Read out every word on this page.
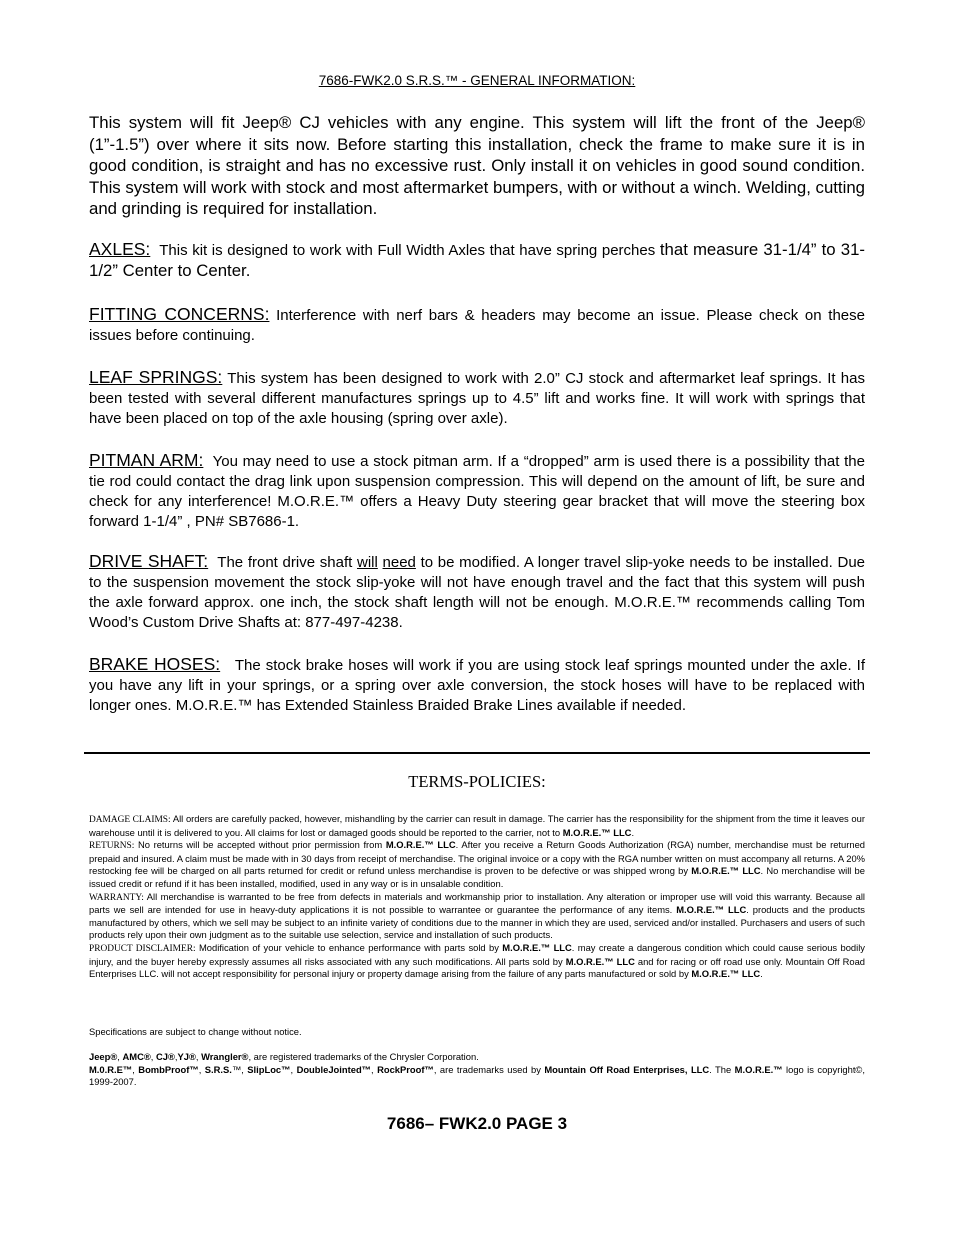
7686-FWK2.0 S.R.S.™ - GENERAL INFORMATION:

This system will fit Jeep® CJ vehicles with any engine. This system will lift the front of the Jeep® (1”-1.5”) over where it sits now. Before starting this installation, check the frame to make sure it is in good condition, is straight and has no excessive rust. Only install it on vehicles in good sound condition. This system will work with stock and most aftermarket bumpers, with or without a winch. Welding, cutting and grinding is required for installation.

AXLES: This kit is designed to work with Full Width Axles that have spring perches that measure 31-1/4” to 31-1/2” Center to Center.

FITTING CONCERNS: Interference with nerf bars & headers may become an issue. Please check on these issues before continuing.

LEAF SPRINGS: This system has been designed to work with 2.0” CJ stock and aftermarket leaf springs. It has been tested with several different manufactures springs up to 4.5” lift and works fine. It will work with springs that have been placed on top of the axle housing (spring over axle).

PITMAN ARM: You may need to use a stock pitman arm. If a “dropped” arm is used there is a possibility that the tie rod could contact the drag link upon suspension compression. This will depend on the amount of lift, be sure and check for any interference! M.O.R.E.™ offers a Heavy Duty steering gear bracket that will move the steering box forward 1-1/4” , PN# SB7686-1.

DRIVE SHAFT: The front drive shaft will need to be modified. A longer travel slip-yoke needs to be installed. Due to the suspension movement the stock slip-yoke will not have enough travel and the fact that this system will push the axle forward approx. one inch, the stock shaft length will not be enough. M.O.R.E.™ recommends calling Tom Wood’s Custom Drive Shafts at: 877-497-4238.

BRAKE HOSES: The stock brake hoses will work if you are using stock leaf springs mounted under the axle. If you have any lift in your springs, or a spring over axle conversion, the stock hoses will have to be replaced with longer ones. M.O.R.E.™ has Extended Stainless Braided Brake Lines available if needed.

TERMS-POLICIES:
DAMAGE CLAIMS: All orders are carefully packed, however, mishandling by the carrier can result in damage. The carrier has the responsibility for the shipment from the time it leaves our warehouse until it is delivered to you. All claims for lost or damaged goods should be reported to the carrier, not to M.O.R.E.™ LLC.
RETURNS: No returns will be accepted without prior permission from M.O.R.E.™ LLC. After you receive a Return Goods Authorization (RGA) number, merchandise must be returned prepaid and insured. A claim must be made with in 30 days from receipt of merchandise. The original invoice or a copy with the RGA number written on must accompany all returns. A 20% restocking fee will be charged on all parts returned for credit or refund unless merchandise is proven to be defective or was shipped wrong by M.O.R.E.™ LLC. No merchandise will be issued credit or refund if it has been installed, modified, used in any way or is in unsalable condition.
WARRANTY: All merchandise is warranted to be free from defects in materials and workmanship prior to installation. Any alteration or improper use will void this warranty. Because all parts we sell are intended for use in heavy-duty applications it is not possible to warrantee or guarantee the performance of any items. M.O.R.E.™ LLC. products and the products manufactured by others, which we sell may be subject to an infinite variety of conditions due to the manner in which they are used, serviced and/or installed. Purchasers and users of such products rely upon their own judgment as to the suitable use selection, service and installation of such products.
PRODUCT DISCLAIMER: Modification of your vehicle to enhance performance with parts sold by M.O.R.E.™ LLC. may create a dangerous condition which could cause serious bodily injury, and the buyer hereby expressly assumes all risks associated with any such modifications. All parts sold by M.O.R.E.™ LLC and for racing or off road use only. Mountain Off Road Enterprises LLC. will not accept responsibility for personal injury or property damage arising from the failure of any parts manufactured or sold by M.O.R.E.™ LLC.
Specifications are subject to change without notice.
Jeep®, AMC®, CJ®,YJ®, Wrangler®, are registered trademarks of the Chrysler Corporation.
M.0.R.E™, BombProof™, S.R.S.™, SlipLoc™, DoubleJointed™, RockProof™, are trademarks used by Mountain Off Road Enterprises, LLC. The M.O.R.E.™ logo is copyright©, 1999-2007.
7686– FWK2.0 PAGE 3
